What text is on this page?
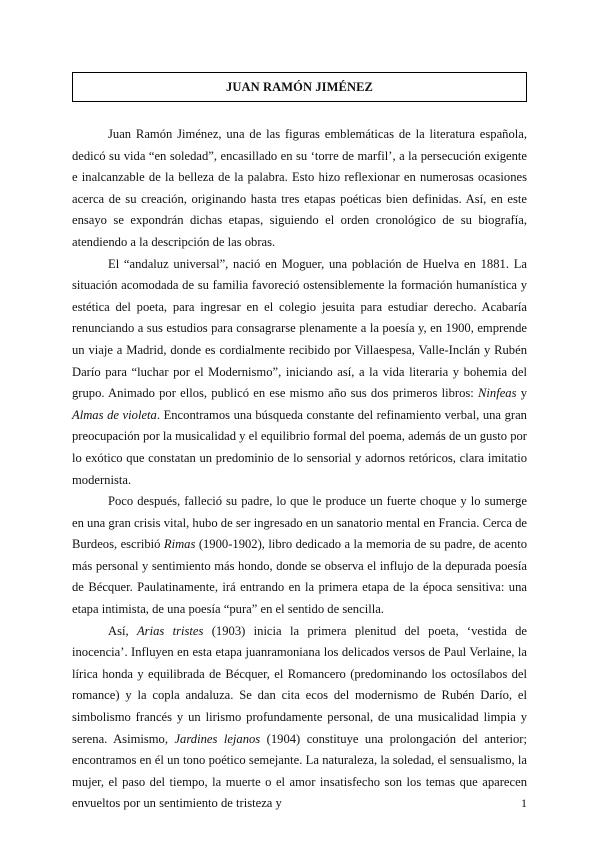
JUAN RAMÓN JIMÉNEZ

Juan Ramón Jiménez, una de las figuras emblemáticas de la literatura española, dedicó su vida “en soledad”, encasillado en su ‘torre de marfil’, a la persecución exigente e inalcanzable de la belleza de la palabra. Esto hizo reflexionar en numerosas ocasiones acerca de su creación, originando hasta tres etapas poéticas bien definidas. Así, en este ensayo se expondrán dichas etapas, siguiendo el orden cronológico de su biografía, atendiendo a la descripción de las obras.

El “andaluz universal”, nació en Moguer, una población de Huelva en 1881. La situación acomodada de su familia favoreció ostensiblemente la formación humanística y estética del poeta, para ingresar en el colegio jesuita para estudiar derecho. Acabaría renunciando a sus estudios para consagrarse plenamente a la poesía y, en 1900, emprende un viaje a Madrid, donde es cordialmente recibido por Villaespesa, Valle-Inclán y Rubén Darío para “luchar por el Modernismo”, iniciando así, a la vida literaria y bohemia del grupo. Animado por ellos, publicó en ese mismo año sus dos primeros libros: Ninfeas y Almas de violeta. Encontramos una búsqueda constante del refinamiento verbal, una gran preocupación por la musicalidad y el equilibrio formal del poema, además de un gusto por lo exótico que constatan un predominio de lo sensorial y adornos retóricos, clara imitatio modernista.

Poco después, falleció su padre, lo que le produce un fuerte choque y lo sumerge en una gran crisis vital, hubo de ser ingresado en un sanatorio mental en Francia. Cerca de Burdeos, escribió Rimas (1900-1902), libro dedicado a la memoria de su padre, de acento más personal y sentimiento más hondo, donde se observa el influjo de la depurada poesía de Bécquer. Paulatinamente, irá entrando en la primera etapa de la época sensitiva: una etapa intimista, de una poesía “pura” en el sentido de sencilla.

Así, Arias tristes (1903) inicia la primera plenitud del poeta, ‘vestida de inocencia’. Influyen en esta etapa juanramoniana los delicados versos de Paul Verlaine, la lírica honda y equilibrada de Bécquer, el Romancero (predominando los octosílabos del romance) y la copla andaluza. Se dan cita ecos del modernismo de Rubén Darío, el simbolismo francés y un lirismo profundamente personal, de una musicalidad limpia y serena. Asimismo, Jardines lejanos (1904) constituye una prolongación del anterior; encontramos en él un tono poético semejante. La naturaleza, la soledad, el sensualismo, la mujer, el paso del tiempo, la muerte o el amor insatisfecho son los temas que aparecen envueltos por un sentimiento de tristeza y	1
